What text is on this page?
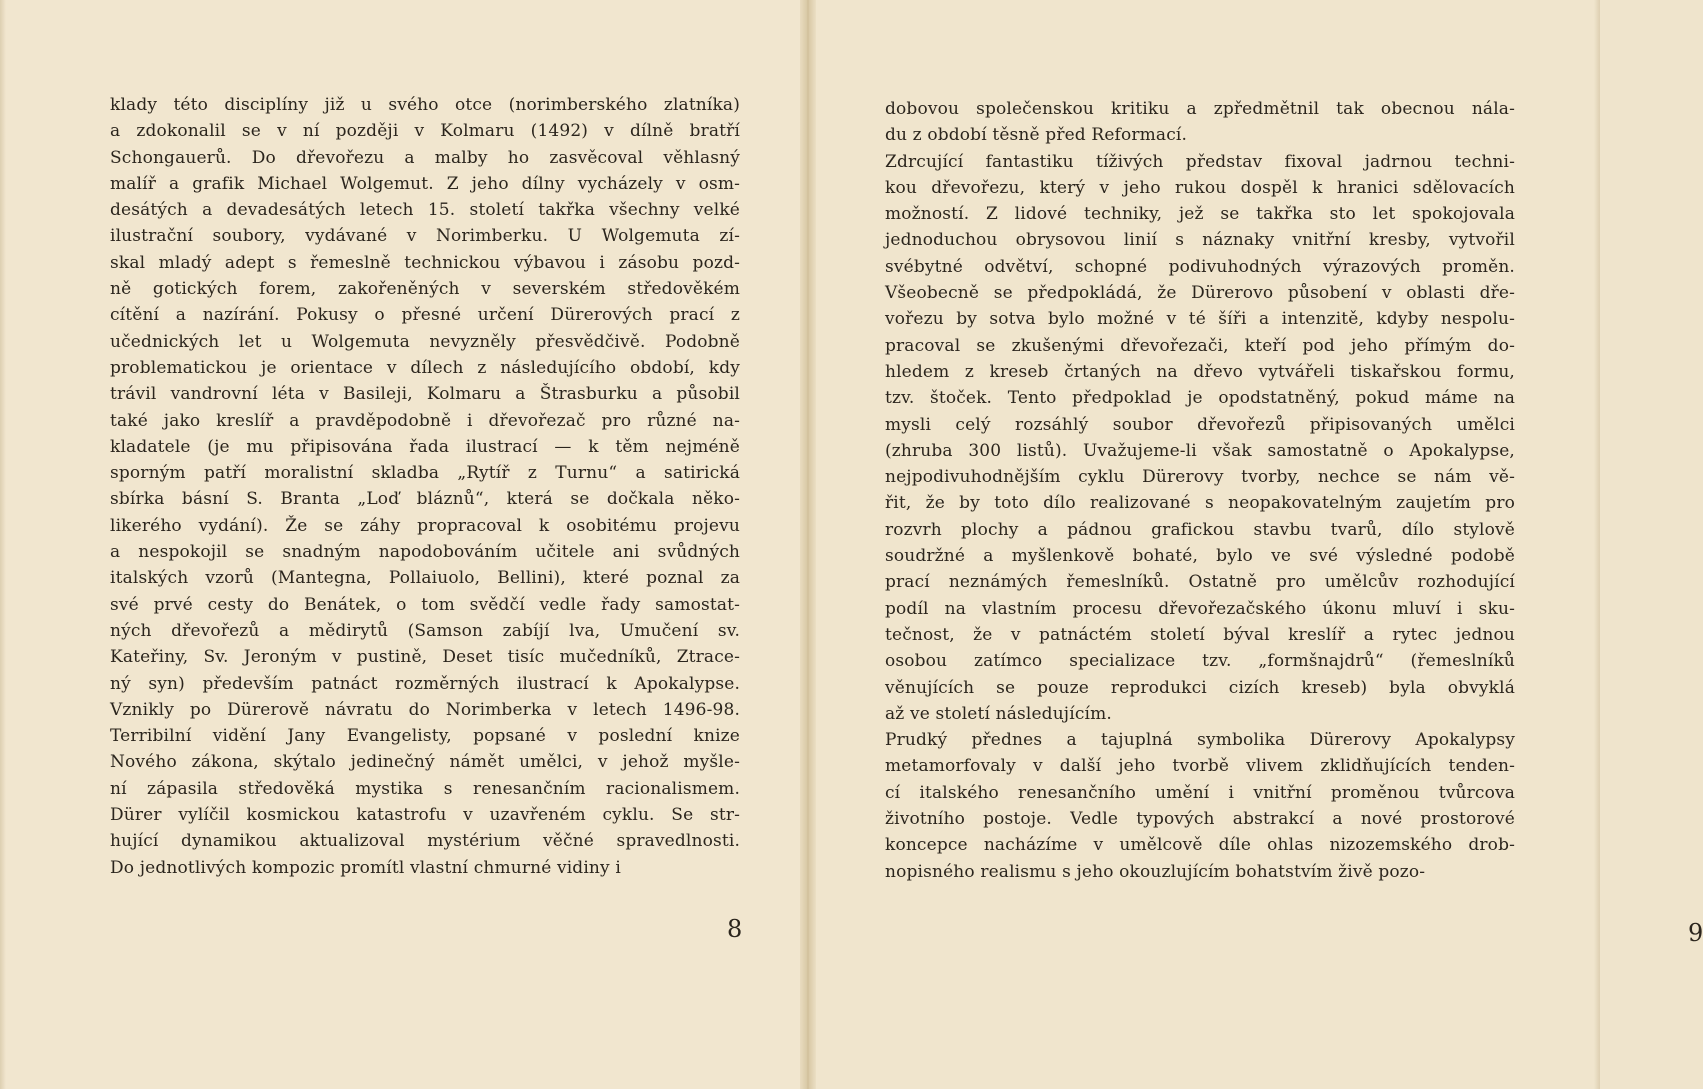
klady této disciplíny již u svého otce (norimberského zlatníka)
a zdokonalil se v ní později v Kolmaru (1492) v dílně bratří
Schongauerů. Do dřevořezu a malby ho zasvěcoval věhlasný
malíř a grafik Michael Wolgemut. Z jeho dílny vycházely v osm-
desátých a devadesátých letech 15. století takřka všechny velké
ilustrační soubory, vydávané v Norimberku. U Wolgemuta zí-
skal mladý adept s řemeslně technickou výbavou i zásobu pozd-
ně gotických forem, zakořeněných v severském středověkém
cítění a nazírání. Pokusy o přesné určení Dürerových prací z
učednických let u Wolgemuta nevyzněly přesvědčivě. Podobně
problematickou je orientace v dílech z následujícího období, kdy
trávil vandrovní léta v Basileji, Kolmaru a Štrasburku a působil
také jako kreslíř a pravděpodobně i dřevořezač pro různé na-
kladatele (je mu připisována řada ilustrací — k těm nejméně
sporným patří moralistní skladba „Rytíř z Turnu“ a satirická
sbírka básní S. Branta „Loď bláznů“, která se dočkala něko-
likerého vydání). Že se záhy propracoval k osobitému projevu
a nespokojil se snadným napodobováním učitele ani svůdných
italských vzorů (Mantegna, Pollaiuolo, Bellini), které poznal za
své prvé cesty do Benátek, o tom svědčí vedle řady samostat-
ných dřevořezů a mědirytů (Samson zabíjí lva, Umučení sv.
Kateřiny, Sv. Jeroným v pustině, Deset tisíc mučedníků, Ztrace-
ný syn) především patnáct rozměrných ilustrací k Apokalypse.
Vznikly po Dürerově návratu do Norimberka v letech 1496-98.
Terribilní vidění Jany Evangelisty, popsané v poslední knize
Nového zákona, skýtalo jedinečný námět umělci, v jehož myšle-
ní zápasila středověká mystika s renesančním racionalismem.
Dürer vylíčil kosmickou katastrofu v uzavřeném cyklu. Se str-
hující dynamikou aktualizoval mystérium věčné spravedlnosti.
Do jednotlivých kompozic promítl vlastní chmurné vidiny i
8	9
dobovou společenskou kritiku a zpředmětnil tak obecnou nála-
du z období těsně před Reformací.
Zdrcující fantastiku tíživých představ fixoval jadrnou techni-
kou dřevořezu, který v jeho rukou dospěl k hranici sdělovacích
možností. Z lidové techniky, jež se takřka sto let spokojovala
jednoduchou obrysovou linií s náznaky vnitřní kresby, vytvořil
svébytné odvětví, schopné podivuhodných výrazových proměn.
Všeobecně se předpokládá, že Dürerovo působení v oblasti dře-
vořezu by sotva bylo možné v té šíři a intenzitě, kdyby nespolu-
pracoval se zkušenými dřevořezači, kteří pod jeho přímým do-
hledem z kreseb črtaných na dřevo vytvářeli tiskařskou formu,
tzv. štoček. Tento předpoklad je opodstatněný, pokud máme na
mysli celý rozsáhlý soubor dřevořezů připisovaných umělci
(zhruba 300 listů). Uvažujeme-li však samostatně o Apokalypse,
nejpodivuhodnějším cyklu Dürerovy tvorby, nechce se nám vě-
řit, že by toto dílo realizované s neopakovatelným zaujetím pro
rozvrh plochy a pádnou grafickou stavbu tvarů, dílo stylově
soudržné a myšlenkově bohaté, bylo ve své výsledné podobě
prací neznámých řemeslníků. Ostatně pro umělcův rozhodující
podíl na vlastním procesu dřevořezačského úkonu mluví i sku-
tečnost, že v patnáctém století býval kreslíř a rytec jednou
osobou zatímco specializace tzv. „formšnajdrů“ (řemeslníků
věnujících se pouze reprodukci cizích kreseb) byla obvyklá
až ve století následujícím.
Prudký přednes a tajuplná symbolika Dürerovy Apokalypsy
metamorfovaly v další jeho tvorbě vlivem zklidňujících tenden-
cí italského renesančního umění i vnitřní proměnou tvůrcova
životního postoje. Vedle typových abstrakcí a nové prostorové
koncepce nacházíme v umělcově díle ohlas nizozemského drob-
nopisného realismu s jeho okouzlujícím bohatstvím živě pozo-
